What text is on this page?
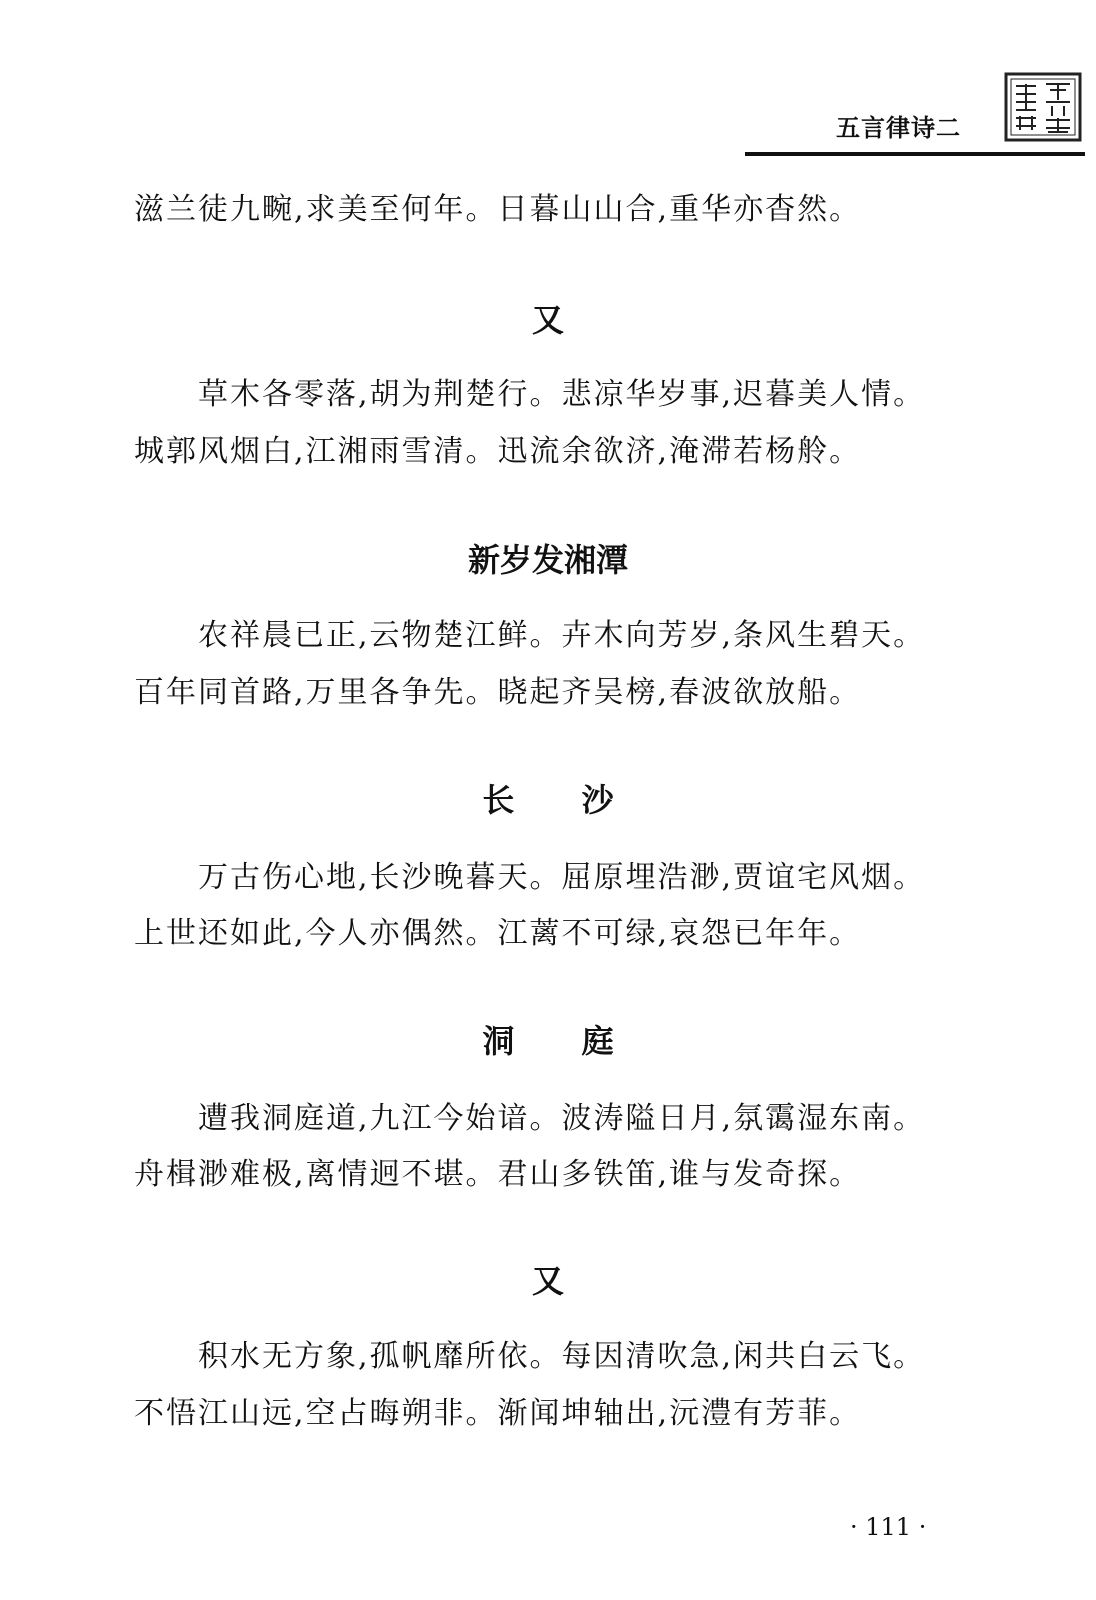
五言律诗二
滋兰徒九畹,求美至何年。日暮山山合,重华亦杳然。
又
草木各零落,胡为荆楚行。悲凉华岁事,迟暮美人情。
城郭风烟白,江湘雨雪清。迅流余欲济,淹滞若杨舲。
新岁发湘潭
农祥晨已正,云物楚江鲜。卉木向芳岁,条风生碧天。
百年同首路,万里各争先。晓起齐吴榜,春波欲放船。
长 沙
万古伤心地,长沙晚暮天。屈原埋浩渺,贾谊宅风烟。
上世还如此,今人亦偶然。江蓠不可绿,哀怨已年年。
洞 庭
遭我洞庭道,九江今始谙。波涛隘日月,氛霭湿东南。
舟楫渺难极,离情迥不堪。君山多铁笛,谁与发奇探。
又
积水无方象,孤帆靡所依。每因清吹急,闲共白云飞。
不悟江山远,空占晦朔非。渐闻坤轴出,沅澧有芳菲。
· 111 ·
